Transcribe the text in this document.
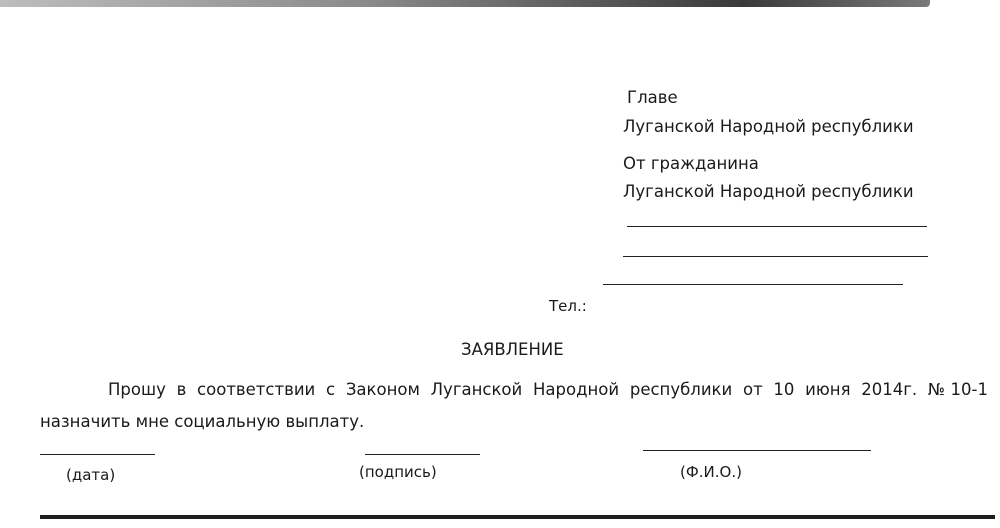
Главе
Луганской Народной республики
От гражданина
Луганской Народной республики
Тел.:
ЗАЯВЛЕНИЕ
Прошу в соответствии с Законом Луганской Народной республики от 10 июня 2014г. №10-1 назначить мне социальную выплату.
(дата)	(подпись)	(Ф.И.О.)
